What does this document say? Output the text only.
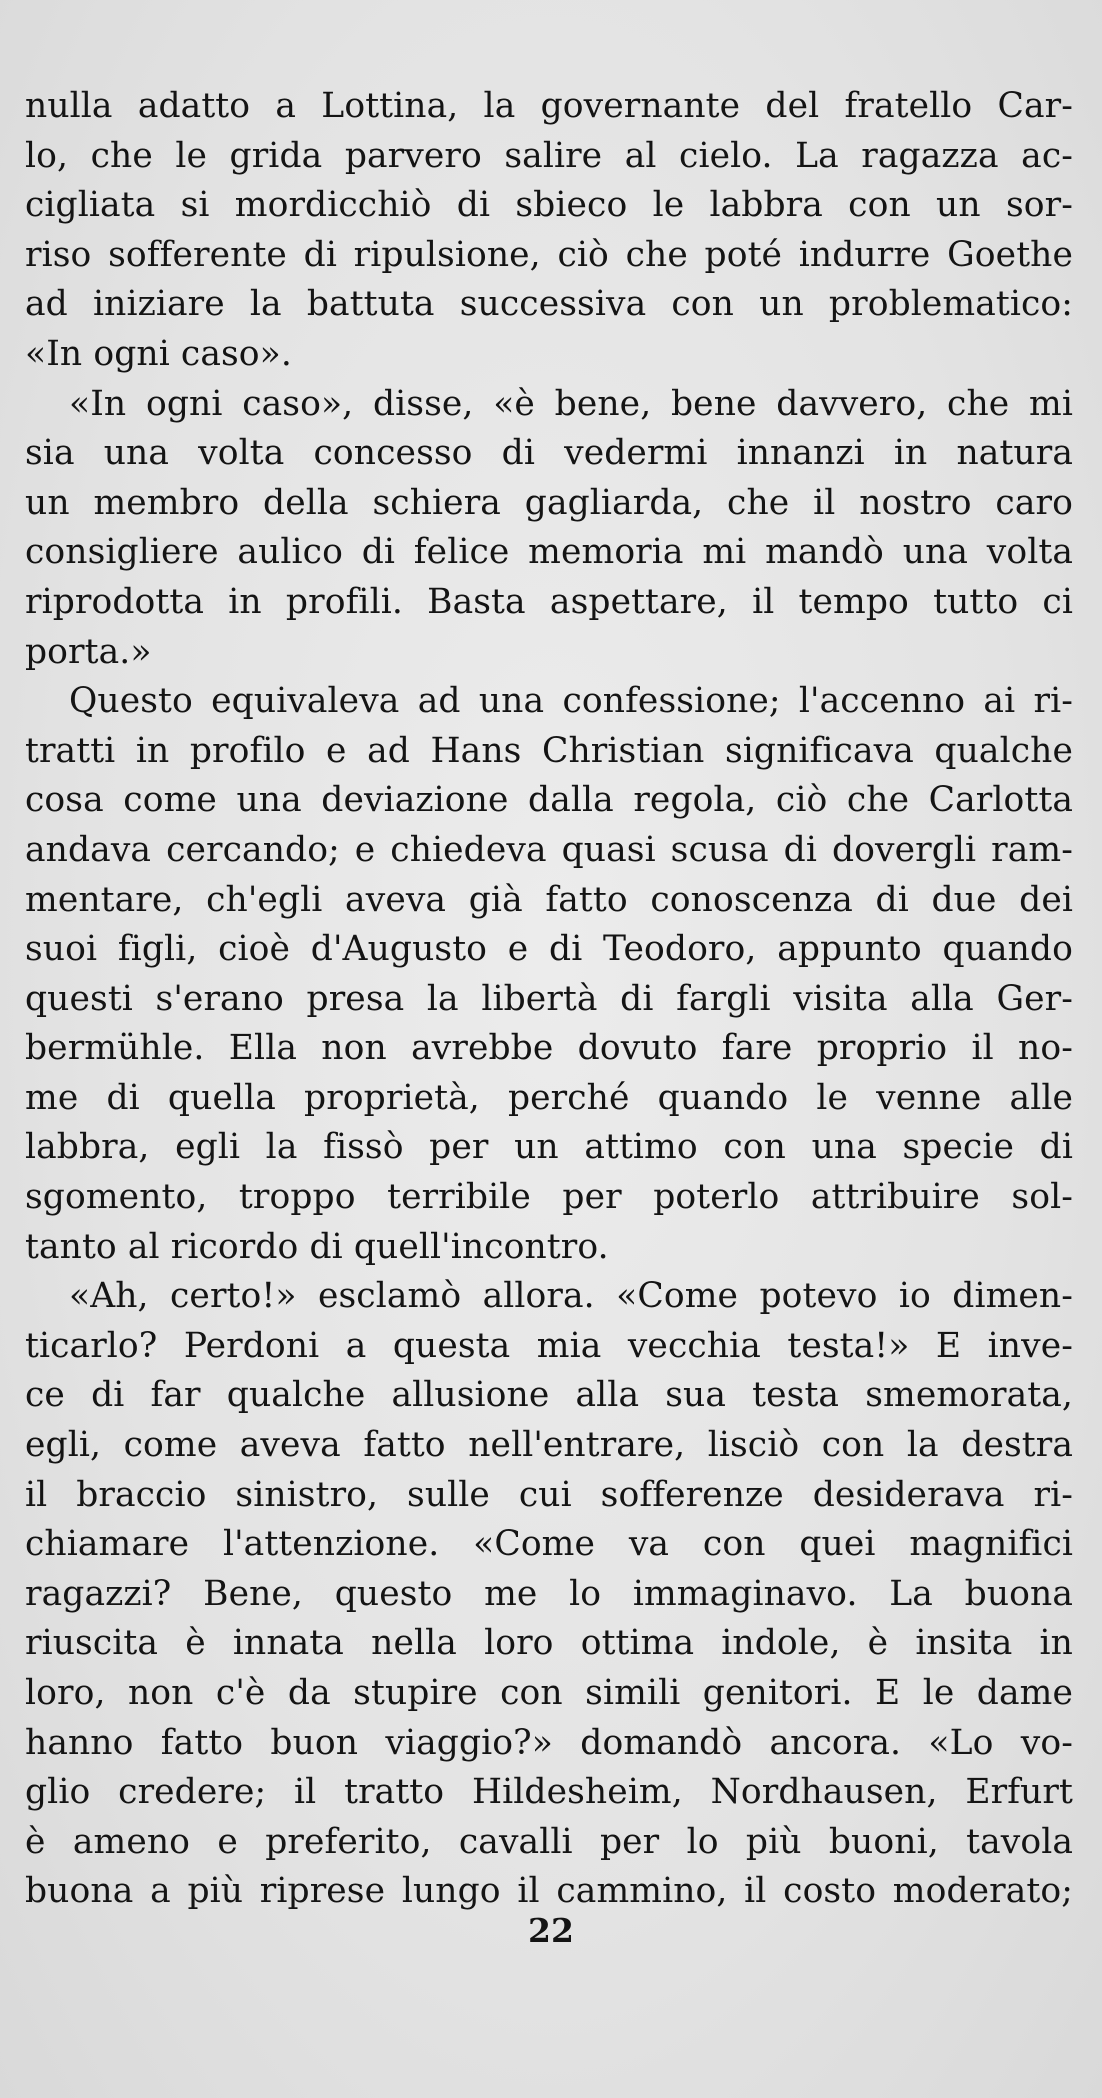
nulla adatto a Lottina, la governante del fratello Car-
lo, che le grida parvero salire al cielo. La ragazza ac-
cigliata si mordicchiò di sbieco le labbra con un sor-
riso sofferente di ripulsione, ciò che poté indurre Goethe
ad iniziare la battuta successiva con un problematico:
«In ogni caso».
«In ogni caso», disse, «è bene, bene davvero, che mi
sia una volta concesso di vedermi innanzi in natura
un membro della schiera gagliarda, che il nostro caro
consigliere aulico di felice memoria mi mandò una volta
riprodotta in profili. Basta aspettare, il tempo tutto ci
porta.»
Questo equivaleva ad una confessione; l'accenno ai ri-
tratti in profilo e ad Hans Christian significava qualche
cosa come una deviazione dalla regola, ciò che Carlotta
andava cercando; e chiedeva quasi scusa di dovergli ram-
mentare, ch'egli aveva già fatto conoscenza di due dei
suoi figli, cioè d'Augusto e di Teodoro, appunto quando
questi s'erano presa la libertà di fargli visita alla Ger-
bermühle. Ella non avrebbe dovuto fare proprio il no-
me di quella proprietà, perché quando le venne alle
labbra, egli la fissò per un attimo con una specie di
sgomento, troppo terribile per poterlo attribuire sol-
tanto al ricordo di quell'incontro.
«Ah, certo!» esclamò allora. «Come potevo io dimen-
ticarlo? Perdoni a questa mia vecchia testa!» E inve-
ce di far qualche allusione alla sua testa smemorata,
egli, come aveva fatto nell'entrare, lisciò con la destra
il braccio sinistro, sulle cui sofferenze desiderava ri-
chiamare l'attenzione. «Come va con quei magnifici
ragazzi? Bene, questo me lo immaginavo. La buona
riuscita è innata nella loro ottima indole, è insita in
loro, non c'è da stupire con simili genitori. E le dame
hanno fatto buon viaggio?» domandò ancora. «Lo vo-
glio credere; il tratto Hildesheim, Nordhausen, Erfurt
è ameno e preferito, cavalli per lo più buoni, tavola
buona a più riprese lungo il cammino, il costo moderato;
22
